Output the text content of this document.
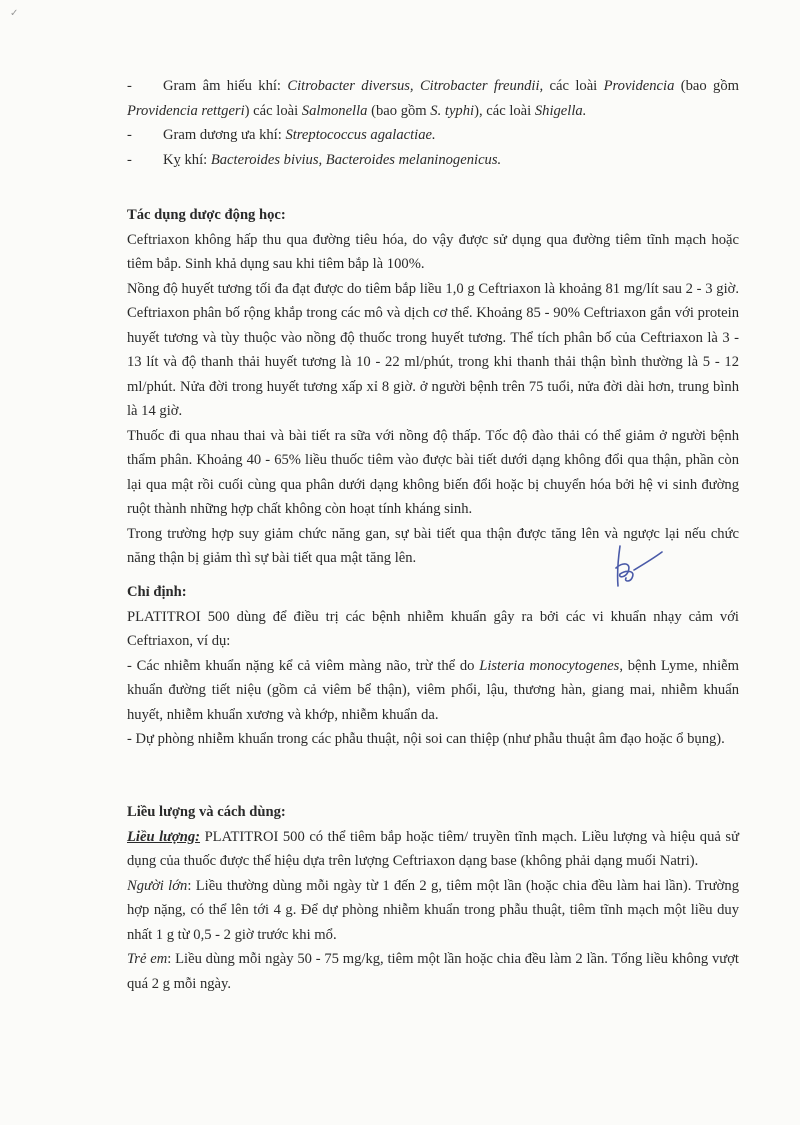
✓

- Gram âm hiếu khí: Citrobacter diversus, Citrobacter freundii, các loài Providencia (bao gồm Providencia rettgeri) các loài Salmonella (bao gồm S. typhi), các loài Shigella.

- Gram dương ưa khí: Streptococcus agalactiae.

- Kỵ khí: Bacteroides bivius, Bacteroides melaninogenicus.

Tác dụng dược động học:

Ceftriaxon không hấp thu qua đường tiêu hóa, do vậy được sử dụng qua đường tiêm tĩnh mạch hoặc tiêm bắp. Sinh khả dụng sau khi tiêm bắp là 100%.

Nồng độ huyết tương tối đa đạt được do tiêm bắp liều 1,0 g Ceftriaxon là khoảng 81 mg/lít sau 2 - 3 giờ. Ceftriaxon phân bố rộng khắp trong các mô và dịch cơ thể. Khoảng 85 - 90% Ceftriaxon gắn với protein huyết tương và tùy thuộc vào nồng độ thuốc trong huyết tương. Thể tích phân bố của Ceftriaxon là 3 - 13 lít và độ thanh thải huyết tương là 10 - 22 ml/phút, trong khi thanh thải thận bình thường là 5 - 12 ml/phút. Nửa đời trong huyết tương xấp xỉ 8 giờ. ở người bệnh trên 75 tuổi, nửa đời dài hơn, trung bình là 14 giờ.

Thuốc đi qua nhau thai và bài tiết ra sữa với nồng độ thấp. Tốc độ đào thải có thể giảm ở người bệnh thẩm phân. Khoảng 40 - 65% liều thuốc tiêm vào được bài tiết dưới dạng không đổi qua thận, phần còn lại qua mật rồi cuối cùng qua phân dưới dạng không biến đổi hoặc bị chuyển hóa bởi hệ vi sinh đường ruột thành những hợp chất không còn hoạt tính kháng sinh.

Trong trường hợp suy giảm chức năng gan, sự bài tiết qua thận được tăng lên và ngược lại nếu chức năng thận bị giảm thì sự bài tiết qua mật tăng lên.

Chỉ định:

PLATITROI 500 dùng để điều trị các bệnh nhiễm khuẩn gây ra bởi các vi khuẩn nhạy cảm với Ceftriaxon, ví dụ:

- Các nhiễm khuẩn nặng kể cả viêm màng não, trừ thể do Listeria monocytogenes, bệnh Lyme, nhiễm khuẩn đường tiết niệu (gồm cả viêm bể thận), viêm phổi, lậu, thương hàn, giang mai, nhiễm khuẩn huyết, nhiễm khuẩn xương và khớp, nhiễm khuẩn da.

- Dự phòng nhiễm khuẩn trong các phẫu thuật, nội soi can thiệp (như phẫu thuật âm đạo hoặc ổ bụng).

Liều lượng và cách dùng:

Liều lượng: PLATITROI 500 có thể tiêm bắp hoặc tiêm/ truyền tĩnh mạch. Liều lượng và hiệu quả sử dụng của thuốc được thể hiệu dựa trên lượng Ceftriaxon dạng base (không phải dạng muối Natri).

Người lớn: Liều thường dùng mỗi ngày từ 1 đến 2 g, tiêm một lần (hoặc chia đều làm hai lần). Trường hợp nặng, có thể lên tới 4 g. Để dự phòng nhiễm khuẩn trong phẫu thuật, tiêm tĩnh mạch một liều duy nhất 1 g từ 0,5 - 2 giờ trước khi mổ.

Trẻ em: Liều dùng mỗi ngày 50 - 75 mg/kg, tiêm một lần hoặc chia đều làm 2 lần. Tổng liều không vượt quá 2 g mỗi ngày.
